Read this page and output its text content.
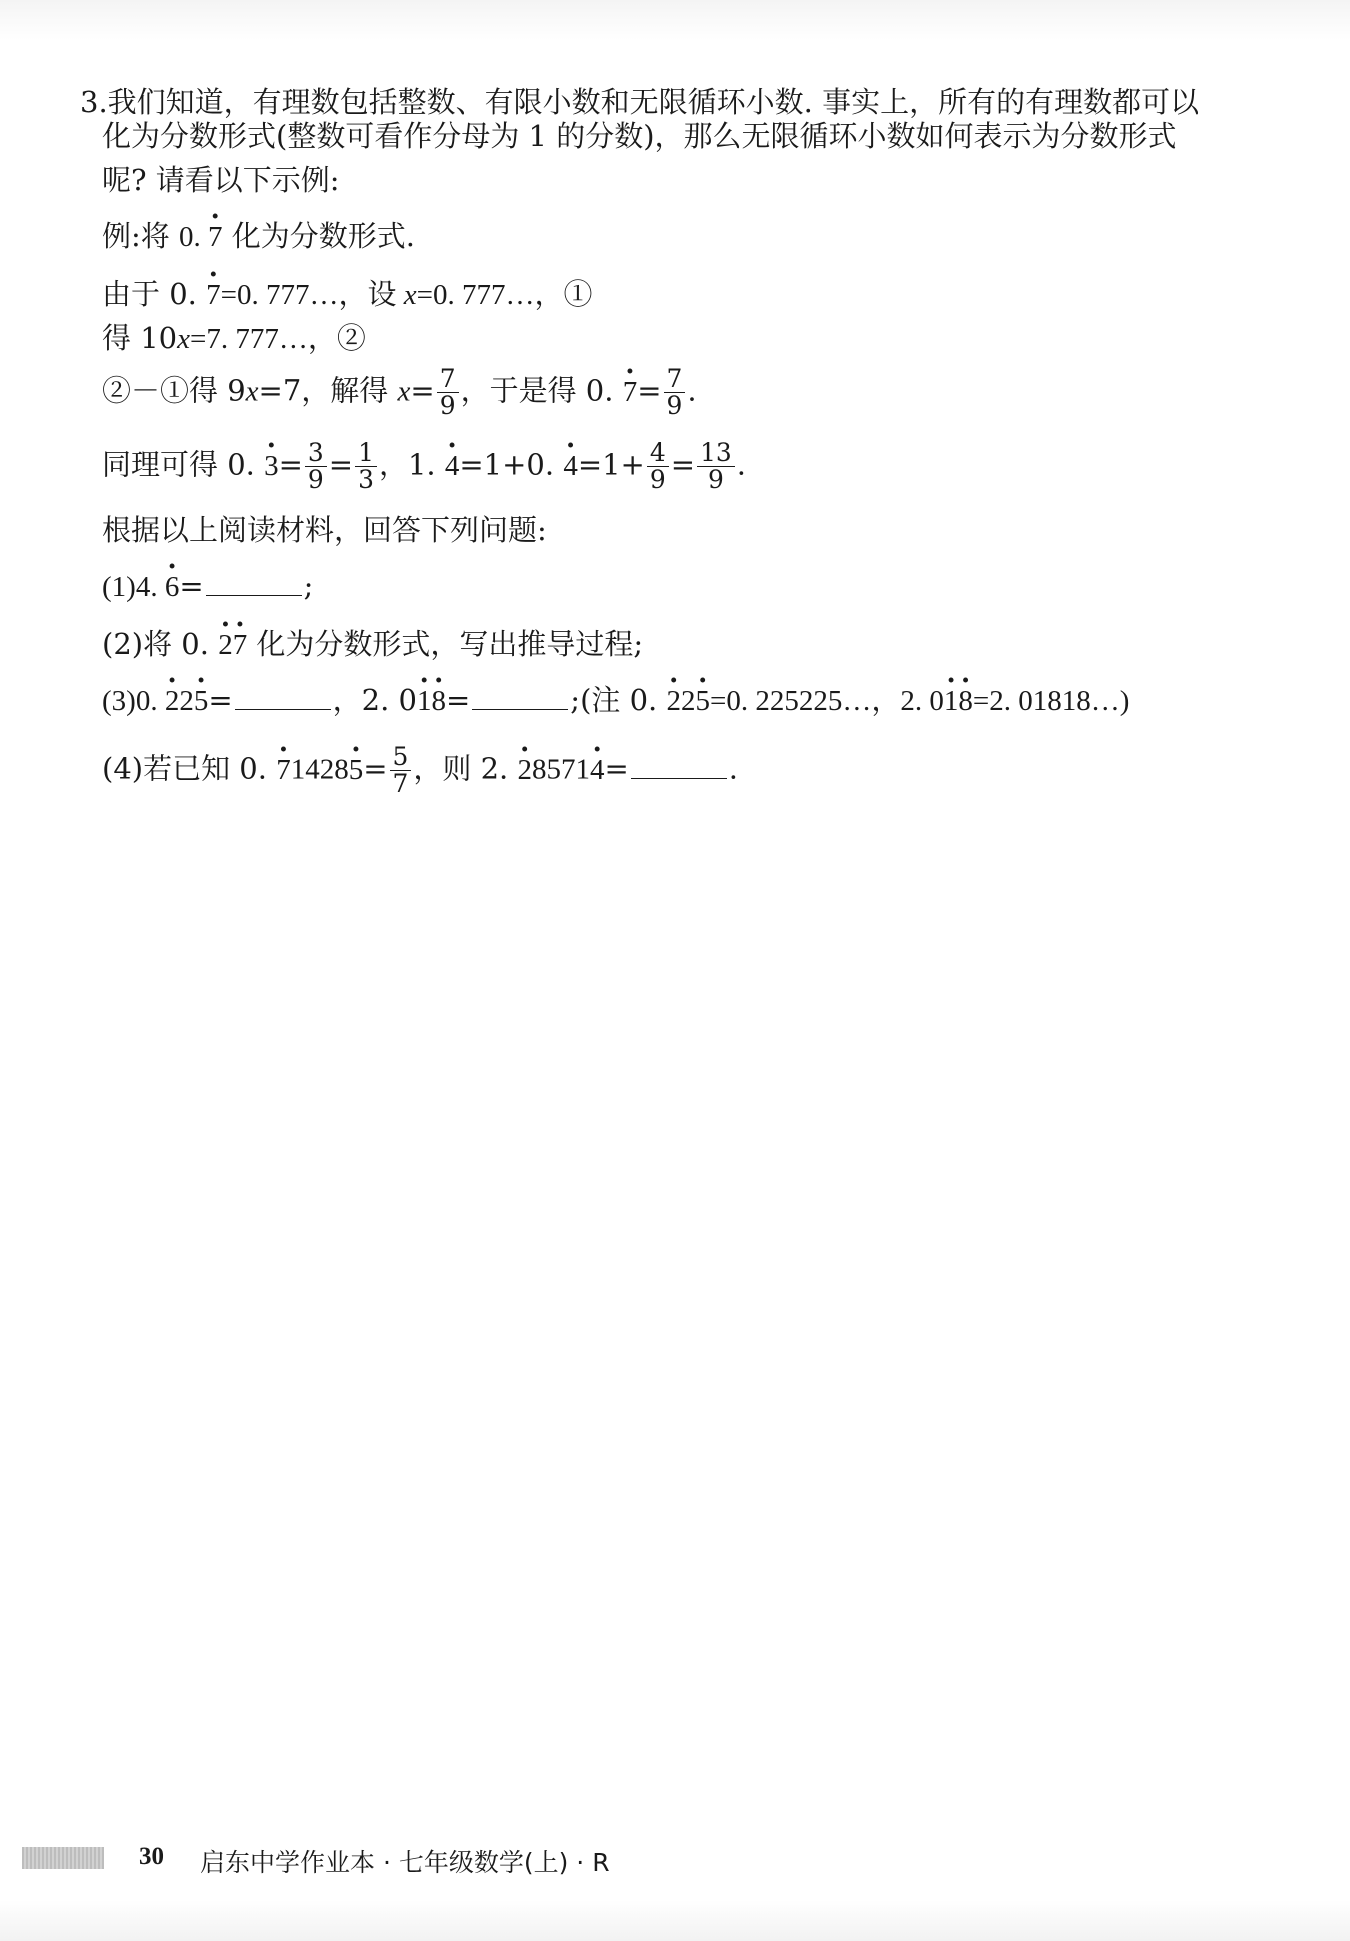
3.我们知道，有理数包括整数、有限小数和无限循环小数. 事实上，所有的有理数都可以
化为分数形式(整数可看作分母为 1 的分数)，那么无限循环小数如何表示为分数形式
呢? 请看以下示例:
例:将 0. · 7 化为分数形式.
由于 0. · 7=0. 777…，设 x=0. 777…，①
得 10x=7. 777…，②
②－①得 9x=7，解得 $x= \frac{7}{9}$ ，于是得 0. · $7= \frac{7}{9}$ .
同理可得 0. · $3= \frac{3}{9} = \frac{1}{3}$ ，1. · 4=1+0. · $4=1+ \frac{4}{9} = \frac{13}{9}$ .
根据以上阅读材料，回答下列问题:
(1)4. · 6=	;
(2)将 0. · 2· 7 化为分数形式，写出推导过程;
(3)0. · 22· 5=	，2. 0· 1· 8=	;(注 0. · 22· 5=0. 225225…，2. 0· 1· 8=2. 01818…)
(4)若已知 0. · $71428\cdot 5= \frac{5}{7}$ ，则 2. · 28571· 4=	.
30 启东中学作业本 · 七年级数学(上) · R
